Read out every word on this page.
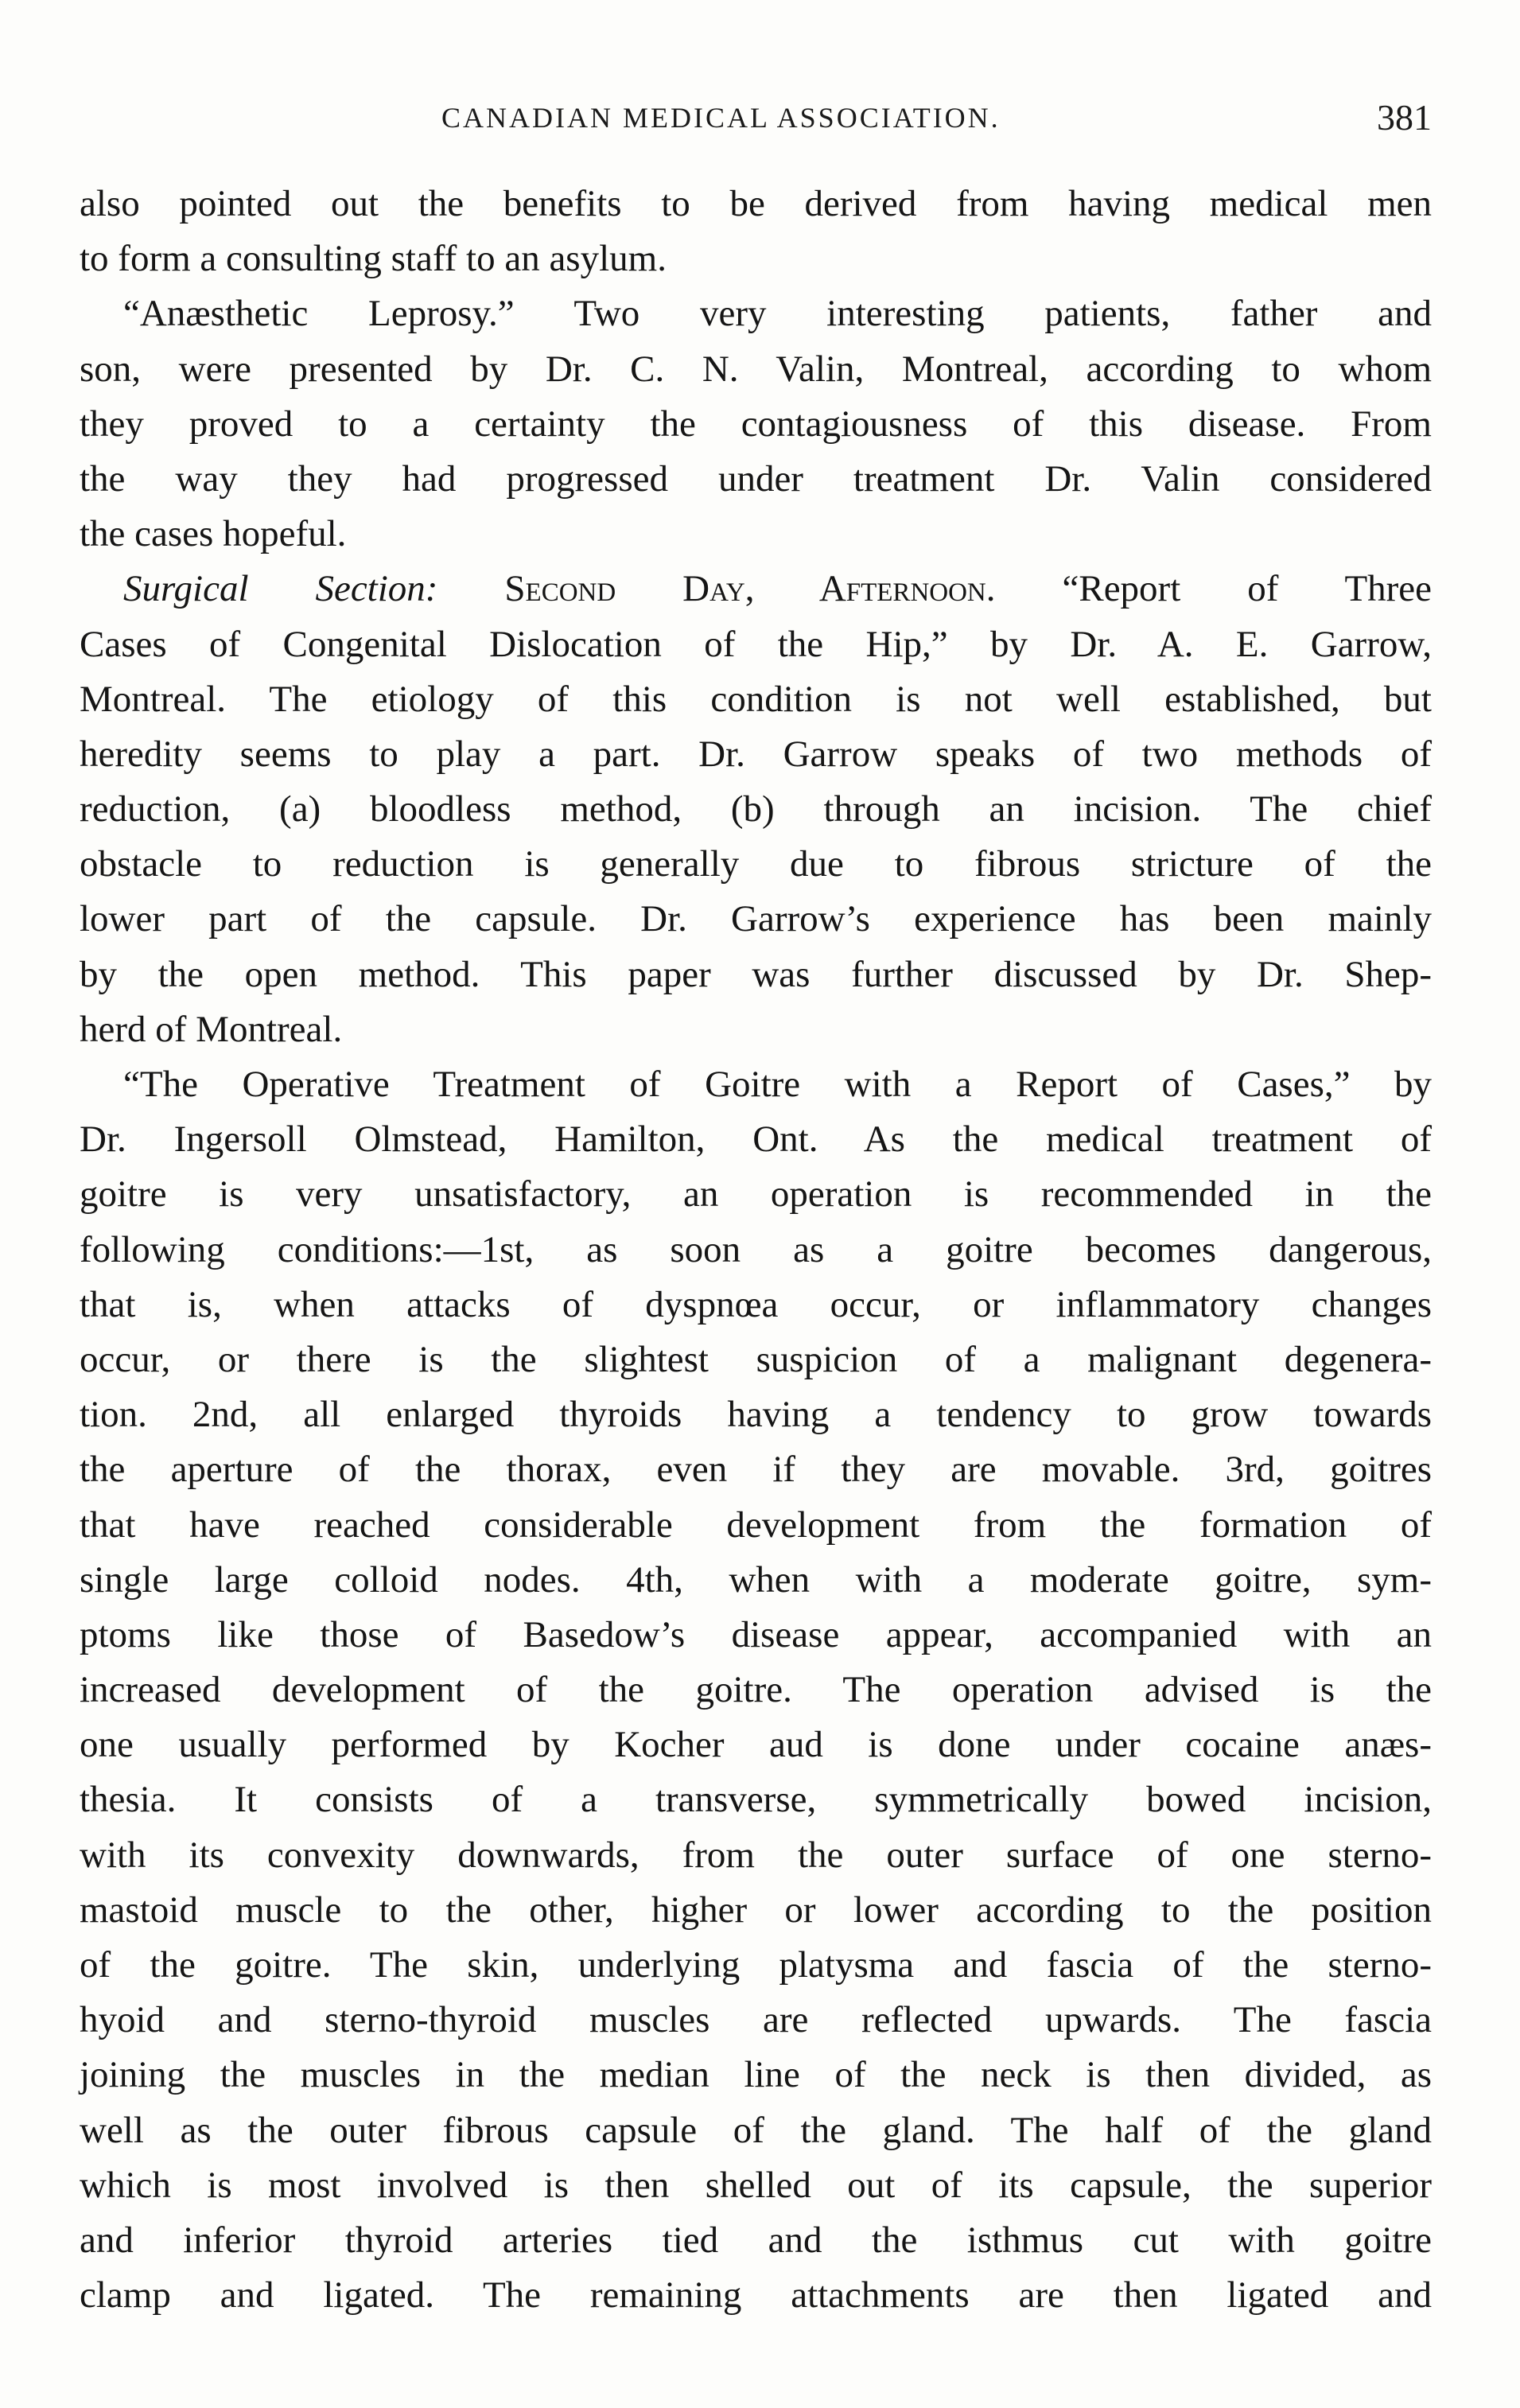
CANADIAN MEDICAL ASSOCIATION.	381
also pointed out the benefits to be derived from having medical men
to form a consulting staff to an asylum.
“Anæsthetic Leprosy.” Two very interesting patients, father and
son, were presented by Dr. C. N. Valin, Montreal, according to whom
they proved to a certainty the contagiousness of this disease. From
the way they had progressed under treatment Dr. Valin considered
the cases hopeful.
Surgical Section: Second Day, Afternoon. “Report of Three
Cases of Congenital Dislocation of the Hip,” by Dr. A. E. Garrow,
Montreal. The etiology of this condition is not well established, but
heredity seems to play a part. Dr. Garrow speaks of two methods of
reduction, (a) bloodless method, (b) through an incision. The chief
obstacle to reduction is generally due to fibrous stricture of the
lower part of the capsule. Dr. Garrow’s experience has been mainly
by the open method. This paper was further discussed by Dr. Shep-
herd of Montreal.
“The Operative Treatment of Goitre with a Report of Cases,” by
Dr. Ingersoll Olmstead, Hamilton, Ont. As the medical treatment of
goitre is very unsatisfactory, an operation is recommended in the
following conditions:—1st, as soon as a goitre becomes dangerous,
that is, when attacks of dyspnœa occur, or inflammatory changes
occur, or there is the slightest suspicion of a malignant degenera-
tion. 2nd, all enlarged thyroids having a tendency to grow towards
the aperture of the thorax, even if they are movable. 3rd, goitres
that have reached considerable development from the formation of
single large colloid nodes. 4th, when with a moderate goitre, sym-
ptoms like those of Basedow’s disease appear, accompanied with an
increased development of the goitre. The operation advised is the
one usually performed by Kocher aud is done under cocaine anæs-
thesia. It consists of a transverse, symmetrically bowed incision,
with its convexity downwards, from the outer surface of one sterno-
mastoid muscle to the other, higher or lower according to the position
of the goitre. The skin, underlying platysma and fascia of the sterno-
hyoid and sterno-thyroid muscles are reflected upwards. The fascia
joining the muscles in the median line of the neck is then divided, as
well as the outer fibrous capsule of the gland. The half of the gland
which is most involved is then shelled out of its capsule, the superior
and inferior thyroid arteries tied and the isthmus cut with goitre
clamp and ligated. The remaining attachments are then ligated and
